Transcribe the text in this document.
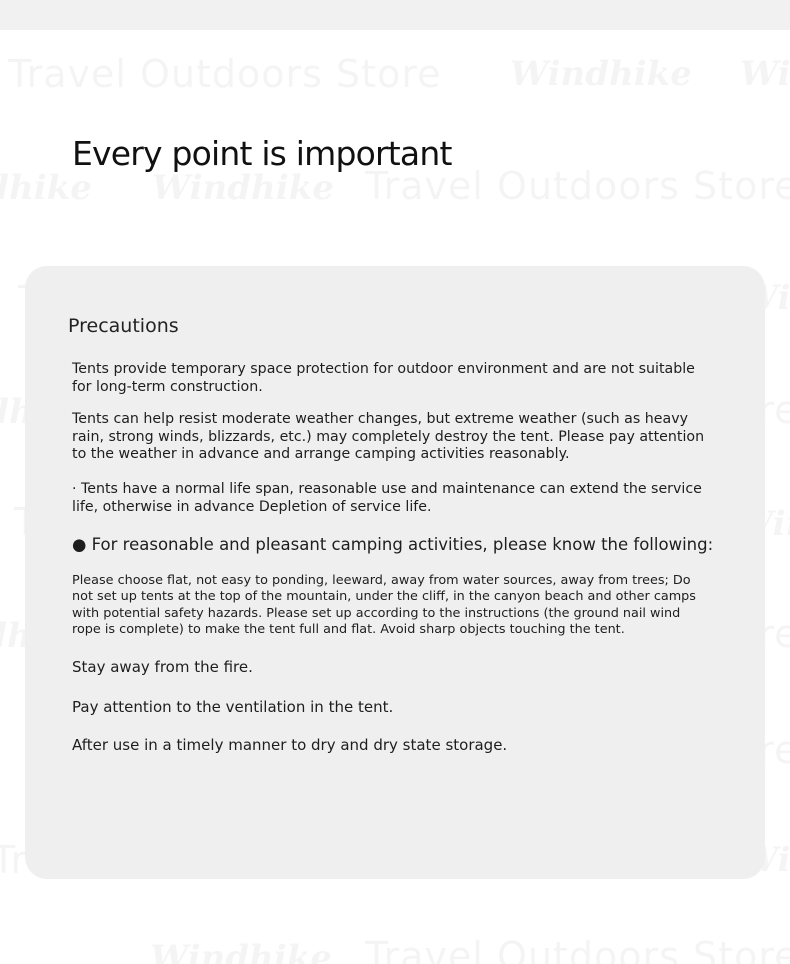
Every point is important
Precautions

Tents provide temporary space protection for outdoor environment and are not suitable for long-term construction.

Tents can help resist moderate weather changes, but extreme weather (such as heavy rain, strong winds, blizzards, etc.) may completely destroy the tent. Please pay attention to the weather in advance and arrange camping activities reasonably.

· Tents have a normal life span, reasonable use and maintenance can extend the service life, otherwise in advance Depletion of service life.

● For reasonable and pleasant camping activities, please know the following:

Please choose flat, not easy to ponding, leeward, away from water sources, away from trees; Do not set up tents at the top of the mountain, under the cliff, in the canyon beach and other camps with potential safety hazards. Please set up according to the instructions (the ground nail wind rope is complete) to make the tent full and flat. Avoid sharp objects touching the tent.

Stay away from the fire.

Pay attention to the ventilation in the tent.

After use in a timely manner to dry and dry state storage.
